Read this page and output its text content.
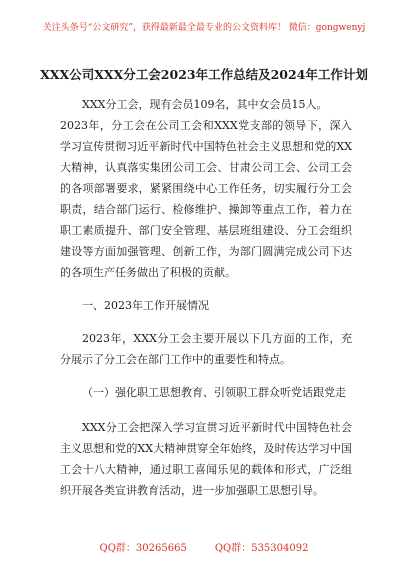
关注头条号“公文研究”，获得最新最全最专业的公文资料库！ 微信：gongwenyj
XXX公司XXX分工会2023年工作总结及2024年工作计划

XXX分工会，现有会员109名，其中女会员15人。

2023年，分工会在公司工会和XXX党支部的领导下，深入学习宣传贯彻习近平新时代中国特色社会主义思想和党的XX大精神，认真落实集团公司工会、甘肃公司工会、公司工会的各项部署要求，紧紧围绕中心工作任务，切实履行分工会职责，结合部门运行、检修维护、操卸等重点工作，着力在职工素质提升、部门安全管理、基层班组建设、分工会组织建设等方面加强管理、创新工作，为部门圆满完成公司下达的各项生产任务做出了积极的贡献。

一、2023年工作开展情况

2023年，XXX分工会主要开展以下几方面的工作，充分展示了分工会在部门工作中的重要性和特点。

（一）强化职工思想教育、引领职工群众听党话跟党走

XXX分工会把深入学习宣贯习近平新时代中国特色社会主义思想和党的XX大精神贯穿全年始终，及时传达学习中国工会十八大精神，通过职工喜闻乐见的载体和形式，广泛组织开展各类宣讲教育活动，进一步加强职工思想引导。

QQ群：30265665	QQ群：535304092
